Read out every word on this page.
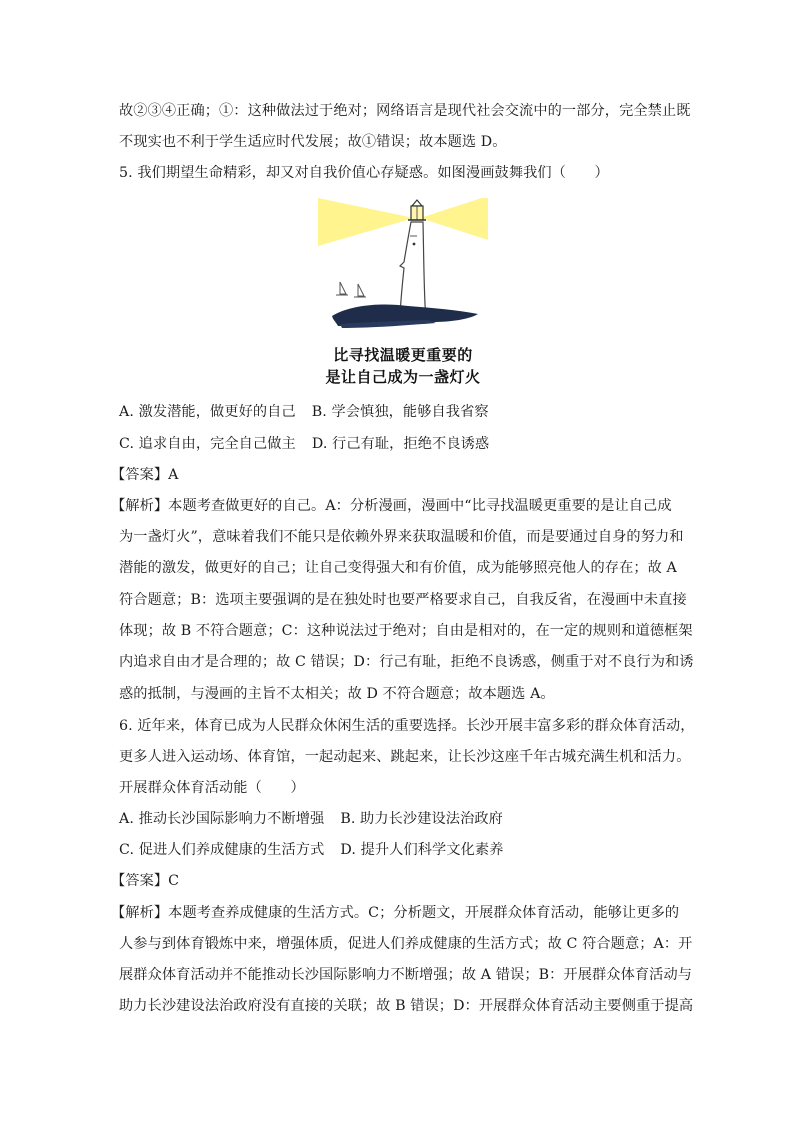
故②③④正确；①：这种做法过于绝对；网络语言是现代社会交流中的一部分，完全禁止既
不现实也不利于学生适应时代发展；故①错误；故本题选 D。
5. 我们期望生命精彩，却又对自我价值心存疑惑。如图漫画鼓舞我们（　　）
比寻找温暖更重要的
是让自己成为一盏灯火
A. 激发潜能，做更好的自己 B. 学会慎独，能够自我省察
C. 追求自由，完全自己做主 D. 行己有耻，拒绝不良诱惑
【答案】A
【解析】本题考查做更好的自己。A：分析漫画，漫画中“比寻找温暖更重要的是让自己成
为一盏灯火”，意味着我们不能只是依赖外界来获取温暖和价值，而是要通过自身的努力和
潜能的激发，做更好的自己；让自己变得强大和有价值，成为能够照亮他人的存在；故 A
符合题意；B：选项主要强调的是在独处时也要严格要求自己，自我反省，在漫画中未直接
体现；故 B 不符合题意；C：这种说法过于绝对；自由是相对的，在一定的规则和道德框架
内追求自由才是合理的；故 C 错误；D：行己有耻，拒绝不良诱惑，侧重于对不良行为和诱
惑的抵制，与漫画的主旨不太相关；故 D 不符合题意；故本题选 A。
6. 近年来，体育已成为人民群众休闲生活的重要选择。长沙开展丰富多彩的群众体育活动，
更多人进入运动场、体育馆，一起动起来、跳起来，让长沙这座千年古城充满生机和活力。
开展群众体育活动能（　　）
A. 推动长沙国际影响力不断增强 B. 助力长沙建设法治政府
C. 促进人们养成健康的生活方式 D. 提升人们科学文化素养
【答案】C
【解析】本题考查养成健康的生活方式。C；分析题文，开展群众体育活动，能够让更多的
人参与到体育锻炼中来，增强体质，促进人们养成健康的生活方式；故 C 符合题意；A：开
展群众体育活动并不能推动长沙国际影响力不断增强；故 A 错误；B：开展群众体育活动与
助力长沙建设法治政府没有直接的关联；故 B 错误；D：开展群众体育活动主要侧重于提高
